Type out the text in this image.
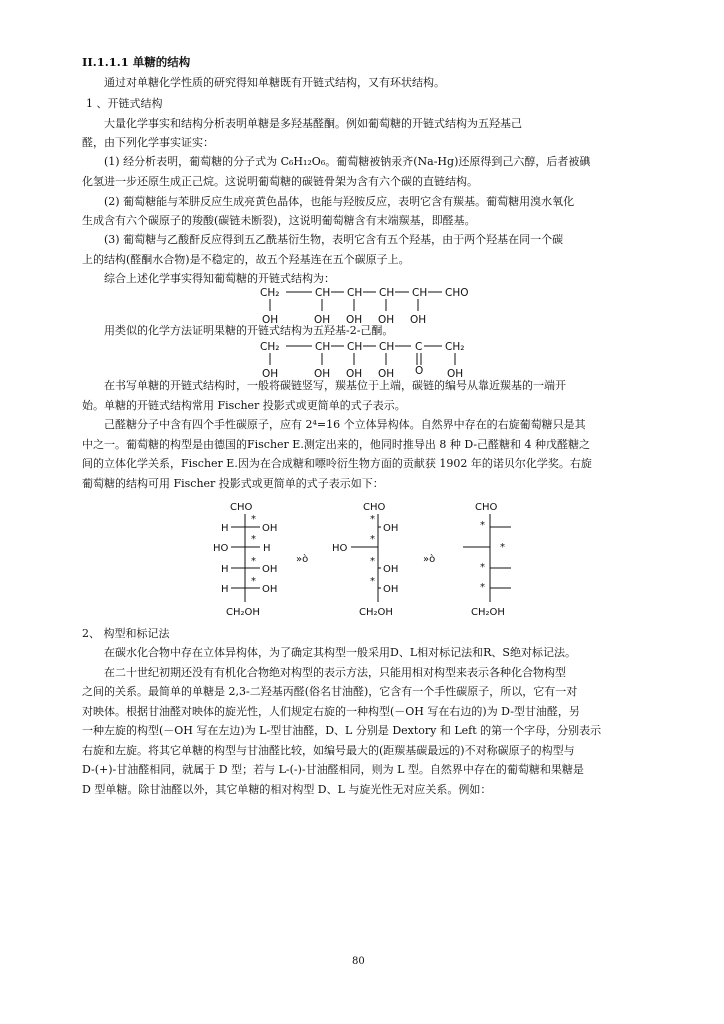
II.1.1.1 单糖的结构
通过对单糖化学性质的研究得知单糖既有开链式结构，又有环状结构。
1 、开链式结构
大量化学事实和结构分析表明单糖是多羟基醛酮。例如葡萄糖的开链式结构为五羟基己
醛，由下列化学事实证实：
(1) 经分析表明，葡萄糖的分子式为 C₆H₁₂O₆。葡萄糖被钠汞齐(Na-Hg)还原得到己六醇，后者被碘
化氢进一步还原生成正己烷。这说明葡萄糖的碳链骨架为含有六个碳的直链结构。
(2) 葡萄糖能与苯肼反应生成亮黄色晶体，也能与羟胺反应，表明它含有羰基。葡萄糖用溴水氧化
生成含有六个碳原子的羧酸(碳链未断裂)，这说明葡萄糖含有末端羰基，即醛基。
(3) 葡萄糖与乙酸酐反应得到五乙酰基衍生物，表明它含有五个羟基，由于两个羟基在同一个碳
上的结构(醛酮水合物)是不稳定的，故五个羟基连在五个碳原子上。
综合上述化学事实得知葡萄糖的开链式结构为：
CH₂	CH CH CH CH CHO
OH	OH OH OH OH
用类似的化学方法证明果糖的开链式结构为五羟基-2-己酮。
CH₂	CH CH CH C CH₂
OH	OH OH OH O OH
在书写单糖的开链式结构时，一般将碳链竖写，羰基位于上端，碳链的编号从靠近羰基的一端开
始。单糖的开链式结构常用 Fischer 投影式或更简单的式子表示。
己醛糖分子中含有四个手性碳原子，应有 2⁴=16 个立体异构体。自然界中存在的右旋葡萄糖只是其
中之一。葡萄糖的构型是由德国的Fischer E.测定出来的，他同时推导出 8 种 D-己醛糖和 4 种戊醛糖之
间的立体化学关系，Fischer E.因为在合成糖和嘌呤衍生物方面的贡献获 1902 年的诺贝尔化学奖。右旋
葡萄糖的结构可用 Fischer 投影式或更简单的式子表示如下：
CHO
*
H	OH
*
HO	H
*
H	OH
*
H	OH
CH₂OH
»ò
CHO
*
OH
*
HO
*
OH
*
OH
CH₂OH
»ò
CHO
*
*
*
*
CH₂OH
2、 构型和标记法
在碳水化合物中存在立体异构体，为了确定其构型一般采用D、L相对标记法和R、S绝对标记法。
在二十世纪初期还没有有机化合物绝对构型的表示方法，只能用相对构型来表示各种化合物构型
之间的关系。最简单的单糖是 2,3-二羟基丙醛(俗名甘油醛)，它含有一个手性碳原子，所以，它有一对
对映体。根据甘油醛对映体的旋光性，人们规定右旋的一种构型(－OH 写在右边的)为 D-型甘油醛，另
一种左旋的构型(－OH 写在左边)为 L-型甘油醛，D、L 分别是 Dextory 和 Left 的第一个字母，分别表示
右旋和左旋。将其它单糖的构型与甘油醛比较，如编号最大的(距羰基碳最远的)不对称碳原子的构型与
D-(+)-甘油醛相同，就属于 D 型；若与 L-(-)-甘油醛相同，则为 L 型。自然界中存在的葡萄糖和果糖是
D 型单糖。除甘油醛以外，其它单糖的相对构型 D、L 与旋光性无对应关系。例如：
80
